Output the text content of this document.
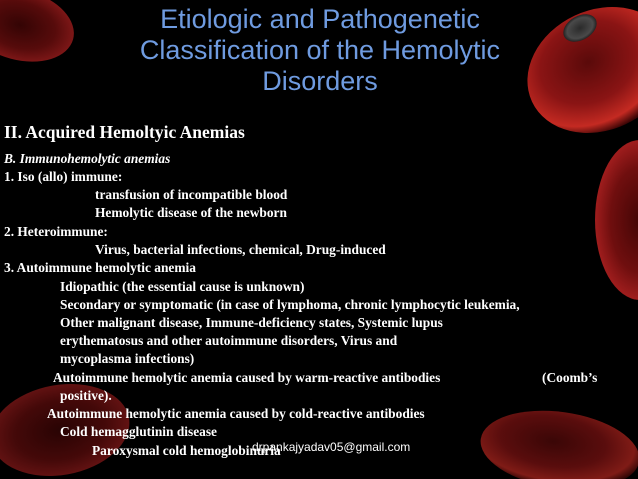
Etiologic and Pathogenetic
Classification of the Hemolytic
Disorders
II. Acquired Hemoltyic Anemias
B. Immunohemolytic anemias
1. Iso (allo) immune:
transfusion of incompatible blood
Hemolytic disease of the newborn
2. Heteroimmune:
Virus, bacterial infections, chemical, Drug-induced
3. Autoimmune hemolytic anemia
Idiopathic (the essential cause is unknown)
Secondary or symptomatic (in case of lymphoma, chronic lymphocytic leukemia,
Other malignant disease, Immune-deficiency states, Systemic lupus
erythematosus and other autoimmune disorders, Virus and
mycoplasma infections)
Autoimmune hemolytic anemia caused by warm-reactive antibodies	(Coomb’s
positive).
Autoimmune hemolytic anemia caused by cold-reactive antibodies
Cold hemagglutinin disease
Paroxysmal cold hemoglobinuria
drpankajyadav05@gmail.com
